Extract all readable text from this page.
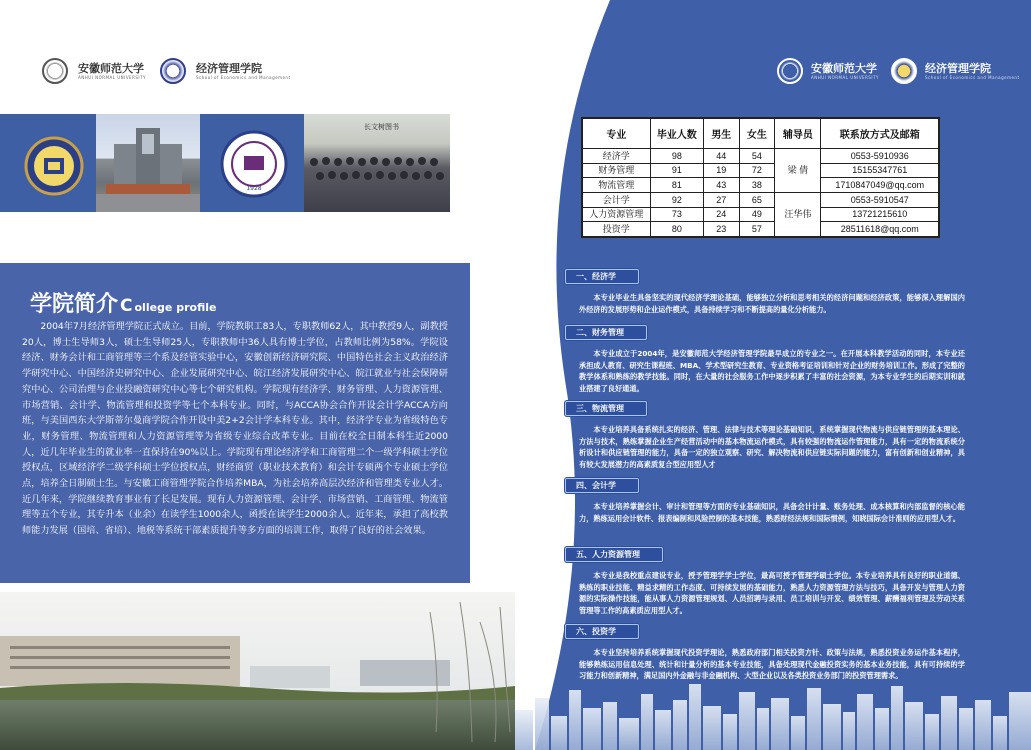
安徽师范大学
ANHUI NORMAL UNIVERSITY
经济管理学院
School of Economics and Management
1928
长文树图书
学院简介 C ollege profile
2004年7月经济管理学院正式成立。目前，学院教职工83人，专职教师62人，其中教授9人，副教授20人，博士生导师3人，硕士生导师25人，专职教师中36人具有博士学位，占教师比例为58%。学院设经济、财务会计和工商管理等三个系及经管实验中心，安徽创新经济研究院、中国特色社会主义政治经济学研究中心、中国经济史研究中心、企业发展研究中心、皖江经济发展研究中心、皖江就业与社会保障研究中心、公司治理与企业投融资研究中心等七个研究机构。学院现有经济学、财务管理、人力资源管理、市场营销、会计学、物流管理和投资学等七个本科专业。同时，与ACCA协会合作开设会计学ACCA方向班，与美国西东大学斯蒂尔曼商学院合作开设中美2+2会计学本科专业。其中，经济学专业为省级特色专业，财务管理、物流管理和人力资源管理等为省级专业综合改革专业。目前在校全日制本科生近2000人，近几年毕业生的就业率一直保持在90%以上。学院现有理论经济学和工商管理二个一级学科硕士学位授权点，区域经济学二级学科硕士学位授权点，财经商贸（职业技术教育）和会计专硕两个专业硕士学位点，培养全日制硕士生。与安徽工商管理学院合作培养MBA，为社会培养高层次经济和管理类专业人才。近几年来，学院继续教育事业有了长足发展。现有人力资源管理、会计学、市场营销、工商管理、物流管理等五个专业，其专升本（业余）在读学生1000余人，函授在读学生2000余人。近年来，承担了高校教师能力发展（国培、省培）、地税等系统干部素质提升等多方面的培训工作，取得了良好的社会效果。
安徽师范大学
ANHUI NORMAL UNIVERSITY
经济管理学院
School of Economics and Management
专业	毕业人数	男生	女生	辅导员	联系放方式及邮箱
经济学	98	44	54	梁 倩	0553-5910936
财务管理	91	19	72		15155347761
物流管理	81	43	38		1710847049@qq.com
会计学	92	27	65	汪华伟	0553-5910547
人力资源管理	73	24	49		13721215610
投资学	80	23	57		28511618@qq.com
一、经济学
本专业毕业生具备坚实的现代经济学理论基础，能够独立分析和思考相关的经济问题和经济政策，能够深入理解国内外经济的发展形势和企业运作模式，具备持续学习和不断提高的量化分析能力。
二、财务管理
本专业成立于2004年，是安徽师范大学经济管理学院最早成立的专业之一。在开展本科教学活动的同时，本专业还承担成人教育、研究生课程班、MBA、学术型研究生教育、专业资格考证培训和针对企业的财务培训工作。形成了完整的教学体系和熟练的教学技能。同时，在大量的社会服务工作中逐步积累了丰富的社会资源，为本专业学生的后期实训和就业搭建了良好通道。
三、物流管理
本专业培养具备系统扎实的经济、管理、法律与技术等理论基础知识，系统掌握现代物流与供应链管理的基本理论、方法与技术，熟练掌握企业生产经营活动中的基本物流运作模式，具有较强的物流运作管理能力，具有一定的物流系统分析设计和供应链管理的能力，具备一定的独立观察、研究、解决物流和供应链实际问题的能力，富有创新和创业精神，具有较大发展潜力的高素质复合型应用型人才
四、会计学
本专业培养掌握会计、审计和管理等方面的专业基础知识，具备会计计量、账务处理、成本核算和内部监督的核心能力，熟练运用会计软件、报表编制和风险控制的基本技能，熟悉财经法规和国际惯例，知晓国际会计准则的应用型人才。
五、人力资源管理
本专业是我校重点建设专业，授予管理学学士学位，最高可授予管理学硕士学位。本专业培养具有良好的职业道德、熟练的职业技能、精益求精的工作态度、可持续发展的基础能力，熟悉人力资源管理方法与技巧，具备开发与管理人力资源的实际操作技能，能从事人力资源管理规划、人员招聘与录用、员工培训与开发、绩效管理、薪酬福利管理及劳动关系管理等工作的高素质应用型人才。
六、投资学
本专业坚持培养系统掌握现代投资学理论，熟悉政府部门相关投资方针、政策与法规，熟悉投资业务运作基本程序，能够熟练运用信息处理、统计和计量分析的基本专业技能，具备处理现代金融投资实务的基本业务技能，具有可持续的学习能力和创新精神，满足国内外金融与非金融机构、大型企业以及各类投资业务部门的投资管理需求。
